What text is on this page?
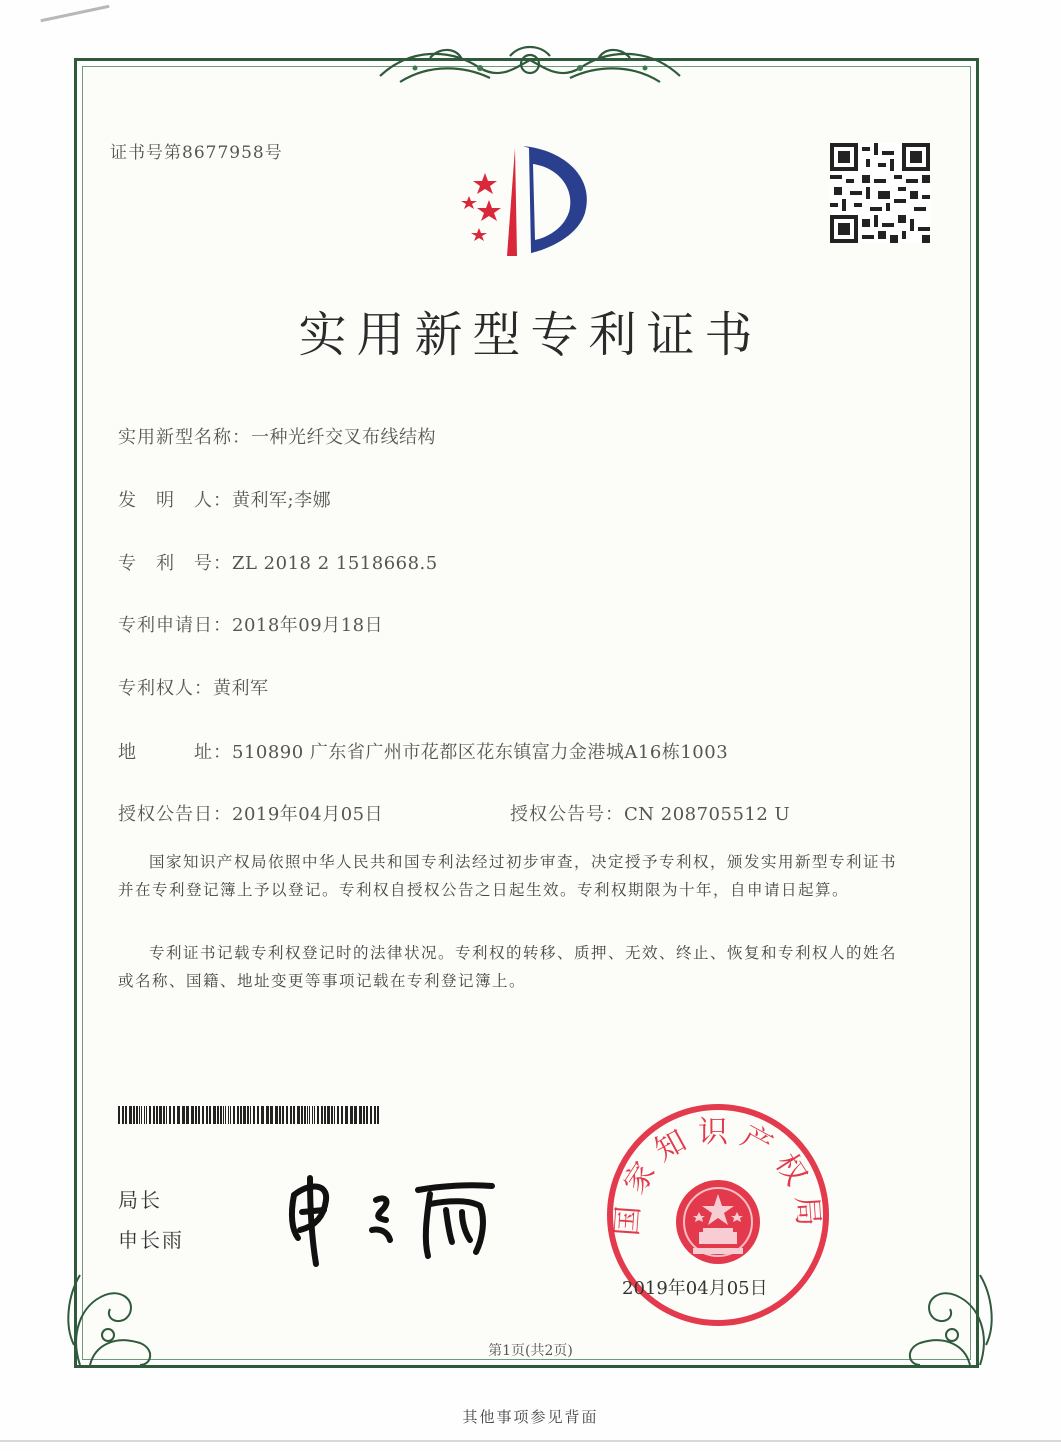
证书号第8677958号
实用新型专利证书
实用新型名称：一种光纤交叉布线结构
发　明　人：黄利军;李娜
专　利　号：ZL 2018 2 1518668.5
专利申请日：2018年09月18日
专利权人：黄利军
地　　　址：510890 广东省广州市花都区花东镇富力金港城A16栋1003
授权公告日：2019年04月05日	授权公告号：CN 208705512 U
国家知识产权局依照中华人民共和国专利法经过初步审查，决定授予专利权，颁发实用新型专利证书并在专利登记簿上予以登记。专利权自授权公告之日起生效。专利权期限为十年，自申请日起算。
专利证书记载专利权登记时的法律状况。专利权的转移、质押、无效、终止、恢复和专利权人的姓名或名称、国籍、地址变更等事项记载在专利登记簿上。
局长
申长雨
国家知识产权局
2019年04月05日
第1页(共2页)
其他事项参见背面
